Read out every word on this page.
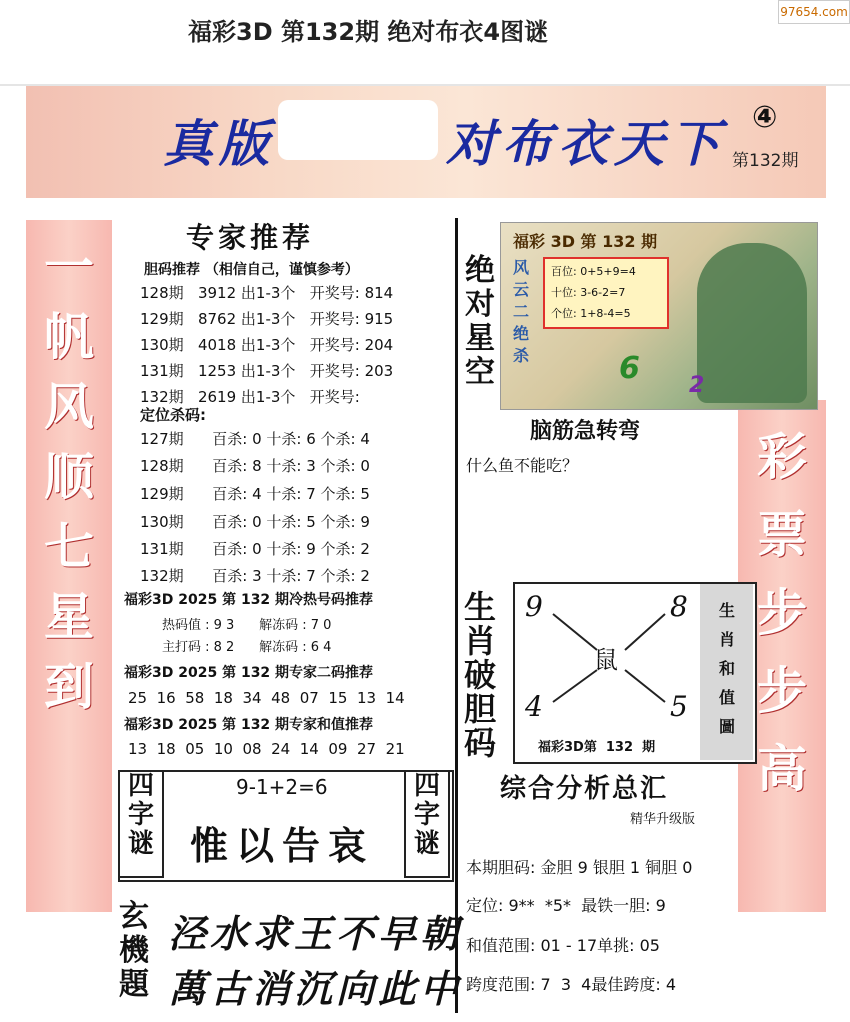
97654.com
福彩3D 第132期 绝对布衣4图谜
真版	对布衣天下 ④
第132期
一
帆
风
顺
七
星
到
彩
票
步
步
高
专家推荐
胆码推荐 （相信自己，谨慎参考）
128期 3912 出1-3个 开奖号: 814
129期 8762 出1-3个 开奖号: 915
130期 4018 出1-3个 开奖号: 204
131期 1253 出1-3个 开奖号: 203
132期 2619 出1-3个 开奖号:
定位杀码:
127期 百杀: 0 十杀: 6 个杀: 4
128期 百杀: 8 十杀: 3 个杀: 0
129期 百杀: 4 十杀: 7 个杀: 5
130期 百杀: 0 十杀: 5 个杀: 9
131期 百杀: 0 十杀: 9 个杀: 2
132期 百杀: 3 十杀: 7 个杀: 2
福彩3D 2025 第 132 期冷热号码推荐
热码值 : 9 3      解冻码 : 7 0
主打码 : 8 2      解冻码 : 6 4
福彩3D 2025 第 132 期专家二码推荐
25  16  58  18  34  48  07  15  13  14
福彩3D 2025 第 132 期专家和值推荐
13  18  05  10  08  24  14  09  27  21
四
字
谜
四
字
谜
9-1+2=6
惟以告哀
玄
機
題
泾水求王不早朝
萬古消沉向此中
绝
对
星
空
福彩 3D 第 132 期
风云二绝杀
百位: 0+5+9=4
十位: 3-6-2=7
个位: 1+8-4=5
6 2
脑筋急转弯
什么鱼不能吃？
生
肖
破
胆
码
9	8
4	5
鼠
生
肖
和
值
圖
福彩3D第  132  期
综合分析总汇
精华升级版
本期胆码: 金胆 9 银胆 1 铜胆 0
定位: 9**  *5*  最铁一胆: 9
和值范围: 01 - 17单挑: 05
跨度范围: 7  3  4最佳跨度: 4
